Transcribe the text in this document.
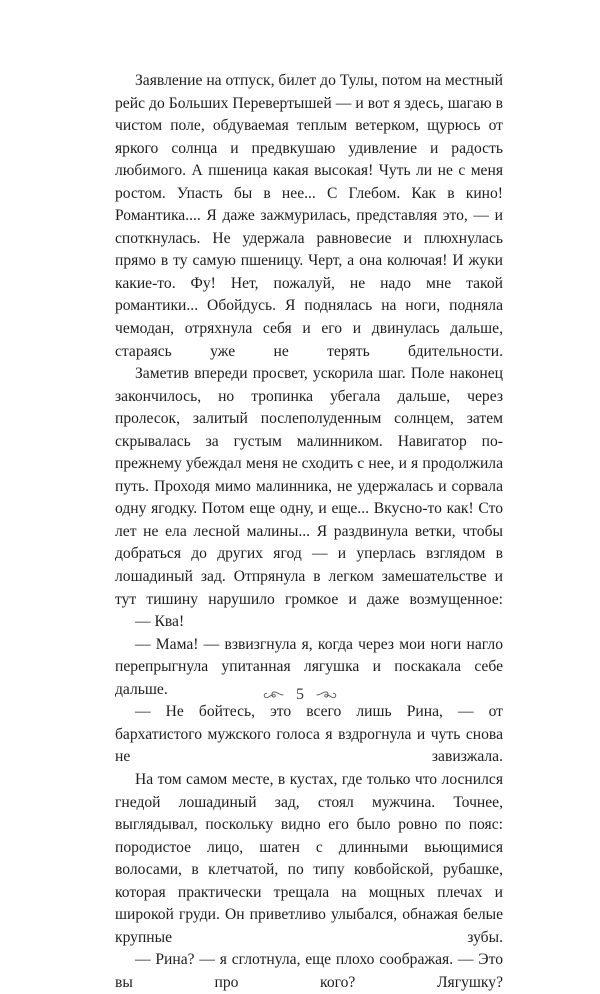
Заявление на отпуск, билет до Тулы, потом на местный рейс до Больших Перевертышей — и вот я здесь, шагаю в чистом поле, обдуваемая теплым ветерком, щурюсь от яркого солнца и предвкушаю удивление и радость любимого. А пшеница какая высокая! Чуть ли не с меня ростом. Упасть бы в нее... С Глебом. Как в кино! Романтика.... Я даже зажмурилась, представляя это, — и споткнулась. Не удержала равновесие и плюхнулась прямо в ту самую пшеницу. Черт, а она колючая! И жуки какие-то. Фу! Нет, пожалуй, не надо мне такой романтики... Обойдусь. Я поднялась на ноги, подняла чемодан, отряхнула себя и его и двинулась дальше, стараясь уже не терять бдительности.

Заметив впереди просвет, ускорила шаг. Поле наконец закончилось, но тропинка убегала дальше, через пролесок, залитый послеполуденным солнцем, затем скрывалась за густым малинником. Навигатор по-прежнему убеждал меня не сходить с нее, и я продолжила путь. Проходя мимо малинника, не удержалась и сорвала одну ягодку. Потом еще одну, и еще... Вкусно-то как! Сто лет не ела лесной малины... Я раздвинула ветки, чтобы добраться до других ягод — и уперлась взглядом в лошадиный зад. Отпрянула в легком замешательстве и тут тишину нарушило громкое и даже возмущенное:

— Ква!

— Мама! — взвизгнула я, когда через мои ноги нагло перепрыгнула упитанная лягушка и поскакала себе дальше.

— Не бойтесь, это всего лишь Рина, — от бархатистого мужского голоса я вздрогнула и чуть снова не завизжала.

На том самом месте, в кустах, где только что лоснился гнедой лошадиный зад, стоял мужчина. Точнее, выглядывал, поскольку видно его было ровно по пояс: породистое лицо, шатен с длинными вьющимися волосами, в клетчатой, по типу ковбойской, рубашке, которая практически трещала на мощных плечах и широкой груди. Он приветливо улыбался, обнажая белые крупные зубы.

— Рина? — я сглотнула, еще плохо соображая. — Это вы про кого? Лягушку?

5
